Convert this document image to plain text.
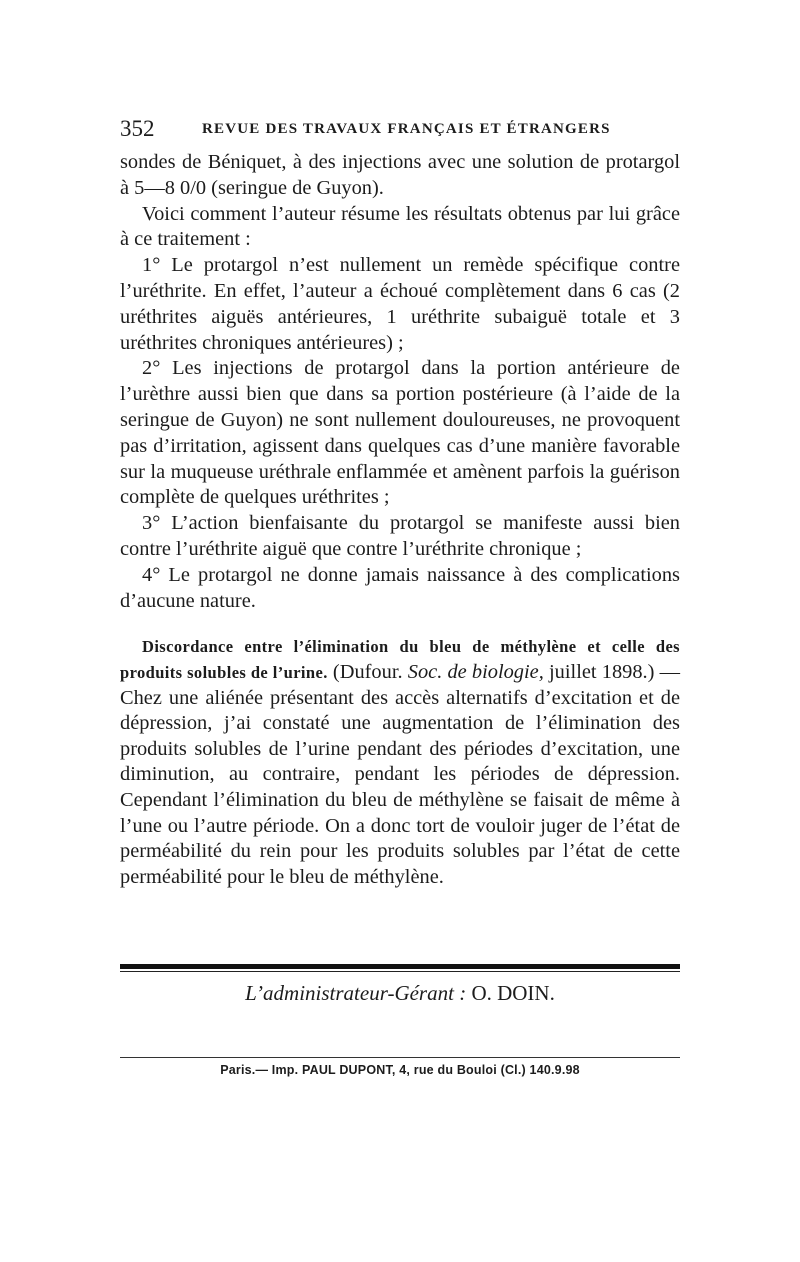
352	REVUE DES TRAVAUX FRANÇAIS ET ÉTRANGERS

sondes de Béniquet, à des injections avec une solution de protargol à 5—8 0/0 (seringue de Guyon).

Voici comment l’auteur résume les résultats obtenus par lui grâce à ce traitement :

1° Le protargol n’est nullement un remède spécifique contre l’uréthrite. En effet, l’auteur a échoué complètement dans 6 cas (2 uréthrites aiguës antérieures, 1 uréthrite subaiguë totale et 3 uréthrites chroniques antérieures) ;

2° Les injections de protargol dans la portion antérieure de l’urèthre aussi bien que dans sa portion postérieure (à l’aide de la seringue de Guyon) ne sont nullement douloureuses, ne provoquent pas d’irritation, agissent dans quelques cas d’une manière favorable sur la muqueuse uréthrale enflammée et amènent parfois la guérison complète de quelques uréthrites ;

3° L’action bienfaisante du protargol se manifeste aussi bien contre l’uréthrite aiguë que contre l’uréthrite chronique ;

4° Le protargol ne donne jamais naissance à des complications d’aucune nature.

Discordance entre l’élimination du bleu de méthylène et celle des produits solubles de l’urine. (Dufour. Soc. de biologie, juillet 1898.) — Chez une aliénée présentant des accès alternatifs d’excitation et de dépression, j’ai constaté une augmentation de l’élimination des produits solubles de l’urine pendant des périodes d’excitation, une diminution, au contraire, pendant les périodes de dépression. Cependant l’élimination du bleu de méthylène se faisait de même à l’une ou l’autre période. On a donc tort de vouloir juger de l’état de perméabilité du rein pour les produits solubles par l’état de cette perméabilité pour le bleu de méthylène.

L’administrateur-Gérant : O. DOIN.
Paris.— Imp. PAUL DUPONT, 4, rue du Bouloi (Cl.) 140.9.98
